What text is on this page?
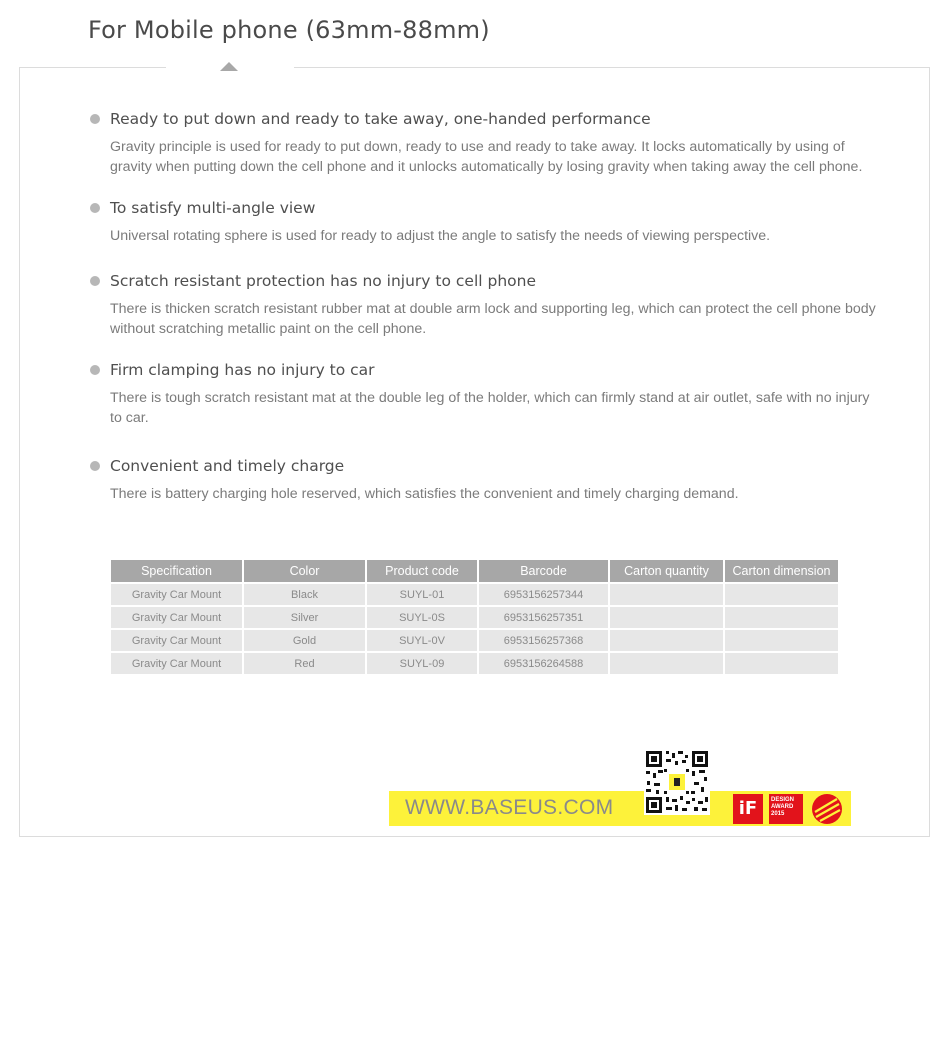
For Mobile phone (63mm-88mm)
Ready to put down and ready to take away, one-handed performance

Gravity principle is used for ready to put down, ready to use and ready to take away. It locks automatically by using of gravity when putting down the cell phone and it unlocks automatically by losing gravity when taking away the cell phone.

To satisfy multi-angle view

Universal rotating sphere is used for ready to adjust the angle to satisfy the needs of viewing perspective.

Scratch resistant protection has no injury to cell phone

There is thicken scratch resistant rubber mat at double arm lock and supporting leg, which can protect the cell phone body without scratching metallic paint on the cell phone.

Firm clamping has no injury to car

There is tough scratch resistant mat at the double leg of the holder, which can firmly stand at air outlet, safe with no injury to car.

Convenient and timely charge

There is battery charging hole reserved, which satisfies the convenient and timely charging demand.

Specification	Color	Product code	Barcode	Carton quantity	Carton dimension
Gravity Car Mount	Black	SUYL-01	6953156257344		
Gravity Car Mount	Silver	SUYL-0S	6953156257351		
Gravity Car Mount	Gold	SUYL-0V	6953156257368		
Gravity Car Mount	Red	SUYL-09	6953156264588		
WWW.BASEUS.COM	iF	DESIGN
AWARD
2015
